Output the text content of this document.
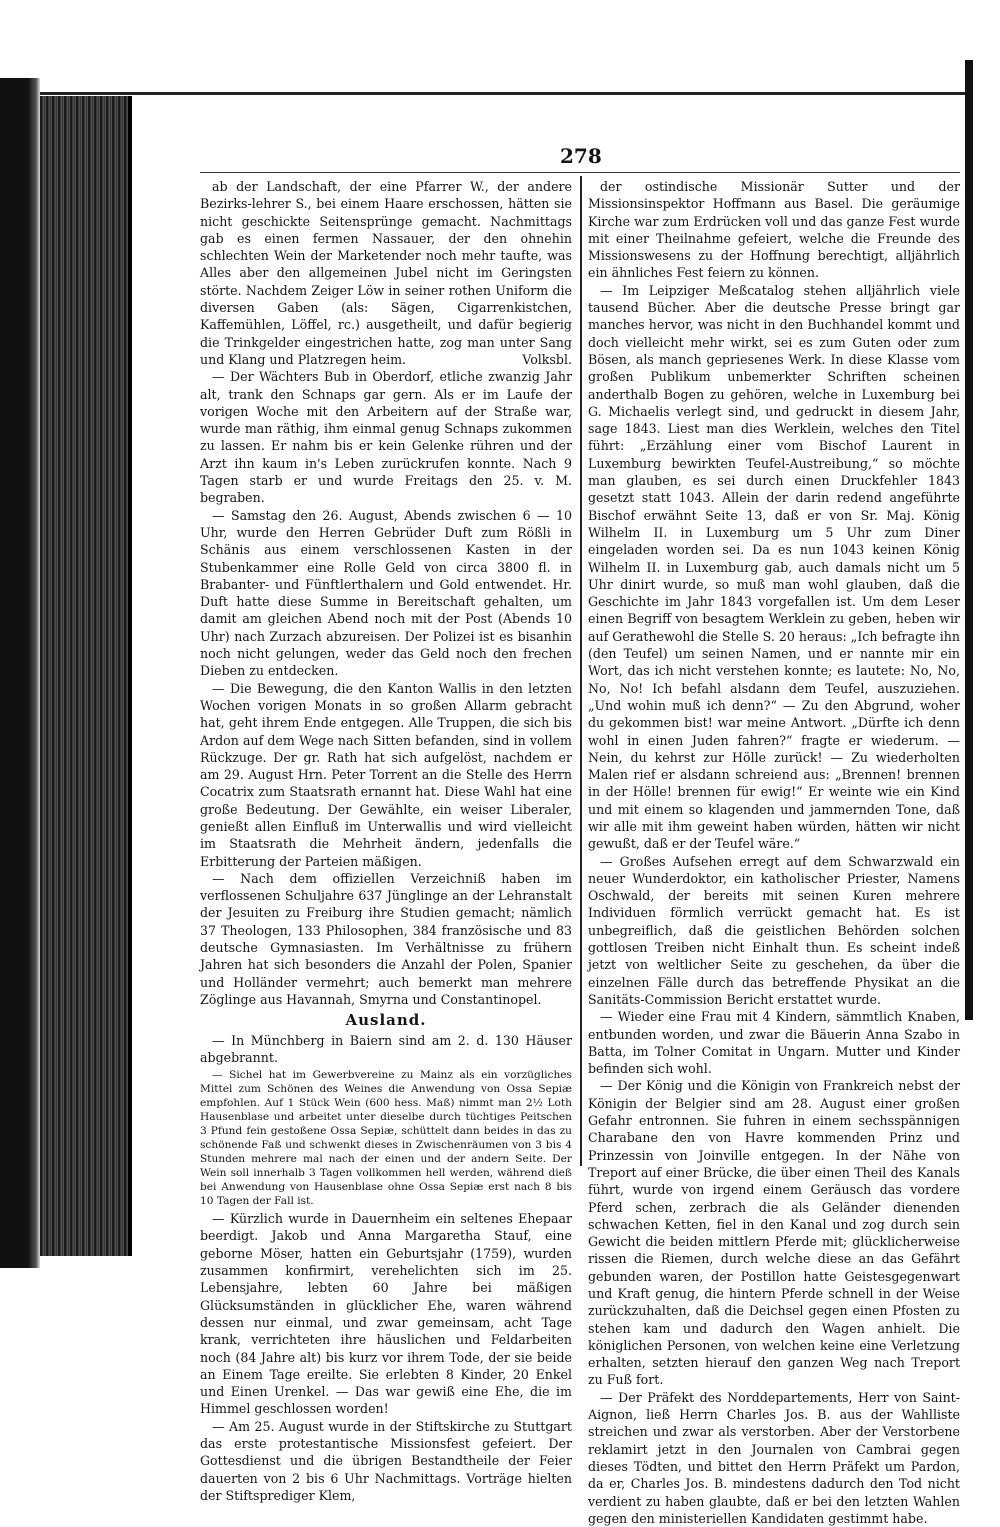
278

ab der Landschaft, der eine Pfarrer W., der andere Bezirks-lehrer S., bei einem Haare erschossen, hätten sie nicht geschickte Seitensprünge gemacht. Nachmittags gab es einen fermen Nassauer, der den ohnehin schlechten Wein der Marketender noch mehr taufte, was Alles aber den allgemeinen Jubel nicht im Geringsten störte. Nachdem Zeiger Löw in seiner rothen Uniform die diversen Gaben (als: Sägen, Cigarrenkistchen, Kaffemühlen, Löffel, rc.) ausgetheilt, und dafür begierig die Trinkgelder eingestrichen hatte, zog man unter Sang und Klang und Platzregen heim.	Volksbl.

— Der Wächters Bub in Oberdorf, etliche zwanzig Jahr alt, trank den Schnaps gar gern. Als er im Laufe der vorigen Woche mit den Arbeitern auf der Straße war, wurde man räthig, ihm einmal genug Schnaps zukommen zu lassen. Er nahm bis er kein Gelenke rühren und der Arzt ihn kaum in's Leben zurückrufen konnte. Nach 9 Tagen starb er und wurde Freitags den 25. v. M. begraben.

— Samstag den 26. August, Abends zwischen 6 — 10 Uhr, wurde den Herren Gebrüder Duft zum Rößli in Schänis aus einem verschlossenen Kasten in der Stubenkammer eine Rolle Geld von circa 3800 fl. in Brabanter- und Fünftlerthalern und Gold entwendet. Hr. Duft hatte diese Summe in Bereitschaft gehalten, um damit am gleichen Abend noch mit der Post (Abends 10 Uhr) nach Zurzach abzureisen. Der Polizei ist es bisanhin noch nicht gelungen, weder das Geld noch den frechen Dieben zu entdecken.

— Die Bewegung, die den Kanton Wallis in den letzten Wochen vorigen Monats in so großen Allarm gebracht hat, geht ihrem Ende entgegen. Alle Truppen, die sich bis Ardon auf dem Wege nach Sitten befanden, sind in vollem Rückzuge. Der gr. Rath hat sich aufgelöst, nachdem er am 29. August Hrn. Peter Torrent an die Stelle des Herrn Cocatrix zum Staatsrath ernannt hat. Diese Wahl hat eine große Bedeutung. Der Gewählte, ein weiser Liberaler, genießt allen Einfluß im Unterwallis und wird vielleicht im Staatsrath die Mehrheit ändern, jedenfalls die Erbitterung der Parteien mäßigen.

— Nach dem offiziellen Verzeichniß haben im verflossenen Schuljahre 637 Jünglinge an der Lehranstalt der Jesuiten zu Freiburg ihre Studien gemacht; nämlich 37 Theologen, 133 Philosophen, 384 französische und 83 deutsche Gymnasiasten. Im Verhältnisse zu frühern Jahren hat sich besonders die Anzahl der Polen, Spanier und Holländer vermehrt; auch bemerkt man mehrere Zöglinge aus Havannah, Smyrna und Constantinopel.

Ausland.

— In Münchberg in Baiern sind am 2. d. 130 Häuser abgebrannt.

— Sichel hat im Gewerbvereine zu Mainz als ein vorzügliches Mittel zum Schönen des Weines die Anwendung von Ossa Sepiæ empfohlen. Auf 1 Stück Wein (600 hess. Maß) nimmt man 2½ Loth Hausenblase und arbeitet unter dieselbe durch tüchtiges Peitschen 3 Pfund fein gestoßene Ossa Sepiæ, schüttelt dann beides in das zu schönende Faß und schwenkt dieses in Zwischenräumen von 3 bis 4 Stunden mehrere mal nach der einen und der andern Seite. Der Wein soll innerhalb 3 Tagen vollkommen hell werden, während dieß bei Anwendung von Hausenblase ohne Ossa Sepiæ erst nach 8 bis 10 Tagen der Fall ist.

— Kürzlich wurde in Dauernheim ein seltenes Ehepaar beerdigt. Jakob und Anna Margaretha Stauf, eine geborne Möser, hatten ein Geburtsjahr (1759), wurden zusammen konfirmirt, verehelichten sich im 25. Lebensjahre, lebten 60 Jahre bei mäßigen Glücksumständen in glücklicher Ehe, waren während dessen nur einmal, und zwar gemeinsam, acht Tage krank, verrichteten ihre häuslichen und Feldarbeiten noch (84 Jahre alt) bis kurz vor ihrem Tode, der sie beide an Einem Tage ereilte. Sie erlebten 8 Kinder, 20 Enkel und Einen Urenkel. — Das war gewiß eine Ehe, die im Himmel geschlossen worden!

— Am 25. August wurde in der Stiftskirche zu Stuttgart das erste protestantische Missionsfest gefeiert. Der Gottesdienst und die übrigen Bestandtheile der Feier dauerten von 2 bis 6 Uhr Nachmittags. Vorträge hielten der Stiftsprediger Klem,

der ostindische Missionär Sutter und der Missionsinspektor Hoffmann aus Basel. Die geräumige Kirche war zum Erdrücken voll und das ganze Fest wurde mit einer Theilnahme gefeiert, welche die Freunde des Missionswesens zu der Hoffnung berechtigt, alljährlich ein ähnliches Fest feiern zu können.

— Im Leipziger Meßcatalog stehen alljährlich viele tausend Bücher. Aber die deutsche Presse bringt gar manches hervor, was nicht in den Buchhandel kommt und doch vielleicht mehr wirkt, sei es zum Guten oder zum Bösen, als manch gepriesenes Werk. In diese Klasse vom großen Publikum unbemerkter Schriften scheinen anderthalb Bogen zu gehören, welche in Luxemburg bei G. Michaelis verlegt sind, und gedruckt in diesem Jahr, sage 1843. Liest man dies Werklein, welches den Titel führt: „Erzählung einer vom Bischof Laurent in Luxemburg bewirkten Teufel-Austreibung,“ so möchte man glauben, es sei durch einen Druckfehler 1843 gesetzt statt 1043. Allein der darin redend angeführte Bischof erwähnt Seite 13, daß er von Sr. Maj. König Wilhelm II. in Luxemburg um 5 Uhr zum Diner eingeladen worden sei. Da es nun 1043 keinen König Wilhelm II. in Luxemburg gab, auch damals nicht um 5 Uhr dinirt wurde, so muß man wohl glauben, daß die Geschichte im Jahr 1843 vorgefallen ist. Um dem Leser einen Begriff von besagtem Werklein zu geben, heben wir auf Gerathewohl die Stelle S. 20 heraus: „Ich befragte ihn (den Teufel) um seinen Namen, und er nannte mir ein Wort, das ich nicht verstehen konnte; es lautete: No, No, No, No! Ich befahl alsdann dem Teufel, auszuziehen. „Und wohin muß ich denn?“ — Zu den Abgrund, woher du gekommen bist! war meine Antwort. „Dürfte ich denn wohl in einen Juden fahren?“ fragte er wiederum. — Nein, du kehrst zur Hölle zurück! — Zu wiederholten Malen rief er alsdann schreiend aus: „Brennen! brennen in der Hölle! brennen für ewig!“ Er weinte wie ein Kind und mit einem so klagenden und jammernden Tone, daß wir alle mit ihm geweint haben würden, hätten wir nicht gewußt, daß er der Teufel wäre.“

— Großes Aufsehen erregt auf dem Schwarzwald ein neuer Wunderdoktor, ein katholischer Priester, Namens Oschwald, der bereits mit seinen Kuren mehrere Individuen förmlich verrückt gemacht hat. Es ist unbegreiflich, daß die geistlichen Behörden solchen gottlosen Treiben nicht Einhalt thun. Es scheint indeß jetzt von weltlicher Seite zu geschehen, da über die einzelnen Fälle durch das betreffende Physikat an die Sanitäts-Commission Bericht erstattet wurde.

— Wieder eine Frau mit 4 Kindern, sämmtlich Knaben, entbunden worden, und zwar die Bäuerin Anna Szabo in Batta, im Tolner Comitat in Ungarn. Mutter und Kinder befinden sich wohl.

— Der König und die Königin von Frankreich nebst der Königin der Belgier sind am 28. August einer großen Gefahr entronnen. Sie fuhren in einem sechsspännigen Charabane den von Havre kommenden Prinz und Prinzessin von Joinville entgegen. In der Nähe von Treport auf einer Brücke, die über einen Theil des Kanals führt, wurde von irgend einem Geräusch das vordere Pferd schen, zerbrach die als Geländer dienenden schwachen Ketten, fiel in den Kanal und zog durch sein Gewicht die beiden mittlern Pferde mit; glücklicherweise rissen die Riemen, durch welche diese an das Gefährt gebunden waren, der Postillon hatte Geistesgegenwart und Kraft genug, die hintern Pferde schnell in der Weise zurückzuhalten, daß die Deichsel gegen einen Pfosten zu stehen kam und dadurch den Wagen anhielt. Die königlichen Personen, von welchen keine eine Verletzung erhalten, setzten hierauf den ganzen Weg nach Treport zu Fuß fort.

— Der Präfekt des Norddepartements, Herr von Saint-Aignon, ließ Herrn Charles Jos. B. aus der Wahlliste streichen und zwar als verstorben. Aber der Verstorbene reklamirt jetzt in den Journalen von Cambrai gegen dieses Tödten, und bittet den Herrn Präfekt um Pardon, da er, Charles Jos. B. mindestens dadurch den Tod nicht verdient zu haben glaubte, daß er bei den letzten Wahlen gegen den ministeriellen Kandidaten gestimmt habe.
